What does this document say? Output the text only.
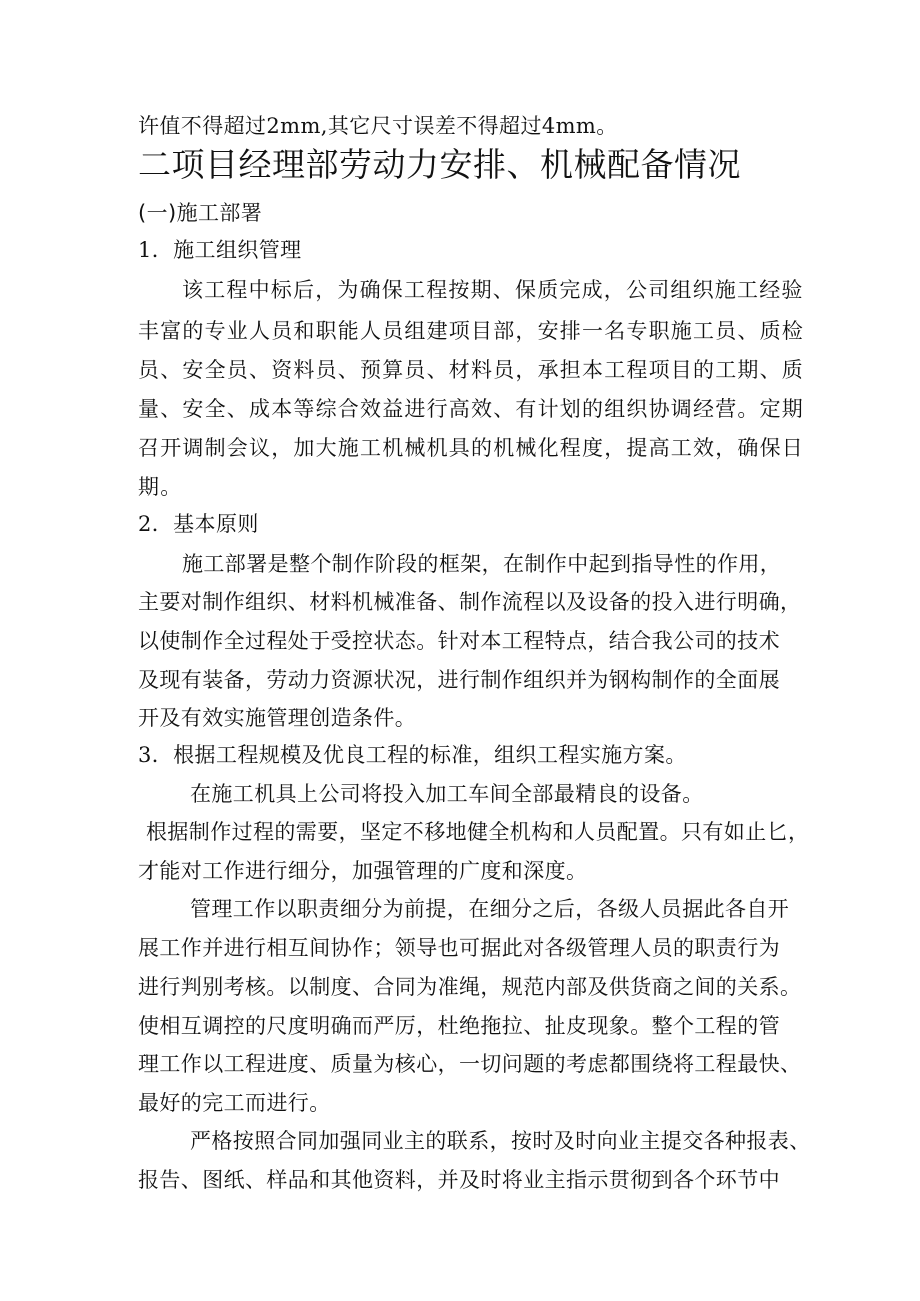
许值不得超过2mm,其它尺寸误差不得超过4mm。
二项目经理部劳动力安排、机械配备情况
(一)施工部署
1．施工组织管理
该工程中标后，为确保工程按期、保质完成，公司组织施工经验
丰富的专业人员和职能人员组建项目部，安排一名专职施工员、质检
员、安全员、资料员、预算员、材料员，承担本工程项目的工期、质
量、安全、成本等综合效益进行高效、有计划的组织协调经营。定期
召开调制会议，加大施工机械机具的机械化程度，提高工效，确保日
期。
2．基本原则
施工部署是整个制作阶段的框架，在制作中起到指导性的作用，
主要对制作组织、材料机械准备、制作流程以及设备的投入进行明确，
以使制作全过程处于受控状态。针对本工程特点，结合我公司的技术
及现有装备，劳动力资源状况，进行制作组织并为钢构制作的全面展
开及有效实施管理创造条件。
3．根据工程规模及优良工程的标准，组织工程实施方案。
在施工机具上公司将投入加工车间全部最精良的设备。
根据制作过程的需要，坚定不移地健全机构和人员配置。只有如止匕，
才能对工作进行细分，加强管理的广度和深度。
管理工作以职责细分为前提，在细分之后，各级人员据此各自开
展工作并进行相互间协作；领导也可据此对各级管理人员的职责行为
进行判别考核。以制度、合同为准绳，规范内部及供货商之间的关系。
使相互调控的尺度明确而严厉，杜绝拖拉、扯皮现象。整个工程的管
理工作以工程进度、质量为核心，一切问题的考虑都围绕将工程最快、
最好的完工而进行。
严格按照合同加强同业主的联系，按时及时向业主提交各种报表、
报告、图纸、样品和其他资料，并及时将业主指示贯彻到各个环节中
